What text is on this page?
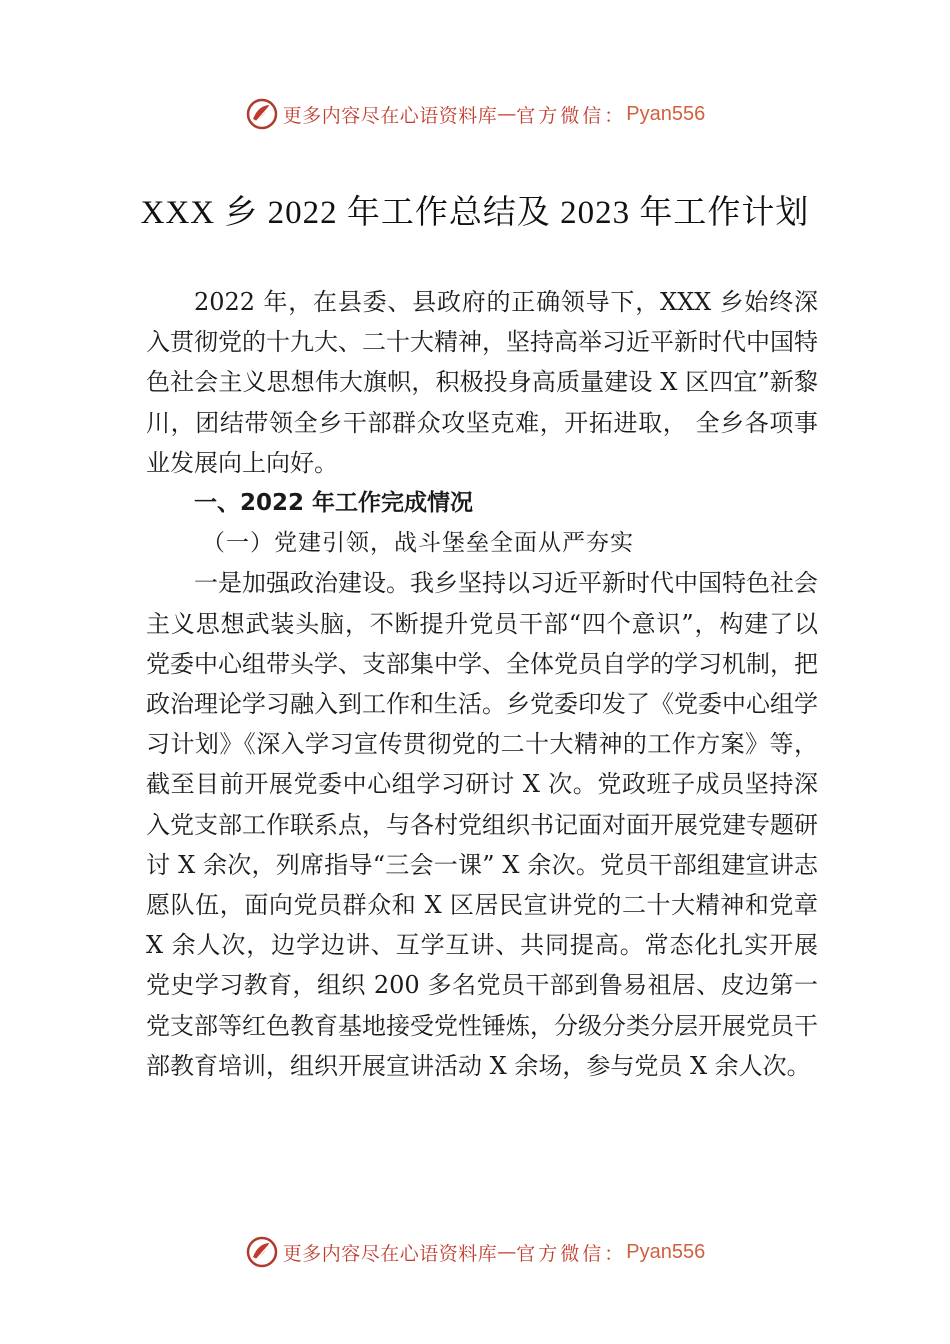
更多内容尽在心语资料库 — 官方微信： Pyan556
XXX 乡 2022 年工作总结及 2023 年工作计划

2022 年，在县委、县政府的正确领导下，XXX 乡始终深入贯彻党的十九大、二十大精神，坚持高举习近平新时代中国特色社会主义思想伟大旗帜，积极投身高质量建设 X 区四宜”新黎川，团结带领全乡干部群众攻坚克难，开拓进取， 全乡各项事业发展向上向好。

一、2022 年工作完成情况

（一）党建引领，战斗堡垒全面从严夯实

一是加强政治建设。我乡坚持以习近平新时代中国特色社会主义思想武装头脑，不断提升党员干部“四个意识”，构建了以党委中心组带头学、支部集中学、全体党员自学的学习机制，把政治理论学习融入到工作和生活。乡党委印发了《党委中心组学习计划》《深入学习宣传贯彻党的二十大精神的工作方案》等，截至目前开展党委中心组学习研讨 X 次。党政班子成员坚持深入党支部工作联系点，与各村党组织书记面对面开展党建专题研讨 X 余次，列席指导“三会一课” X 余次。党员干部组建宣讲志愿队伍，面向党员群众和 X 区居民宣讲党的二十大精神和党章 X 余人次，边学边讲、互学互讲、共同提高。常态化扎实开展党史学习教育，组织 200 多名党员干部到鲁易祖居、皮边第一党支部等红色教育基地接受党性锤炼，分级分类分层开展党员干部教育培训，组织开展宣讲活动 X 余场，参与党员 X 余人次。

更多内容尽在心语资料库 — 官方微信： Pyan556
